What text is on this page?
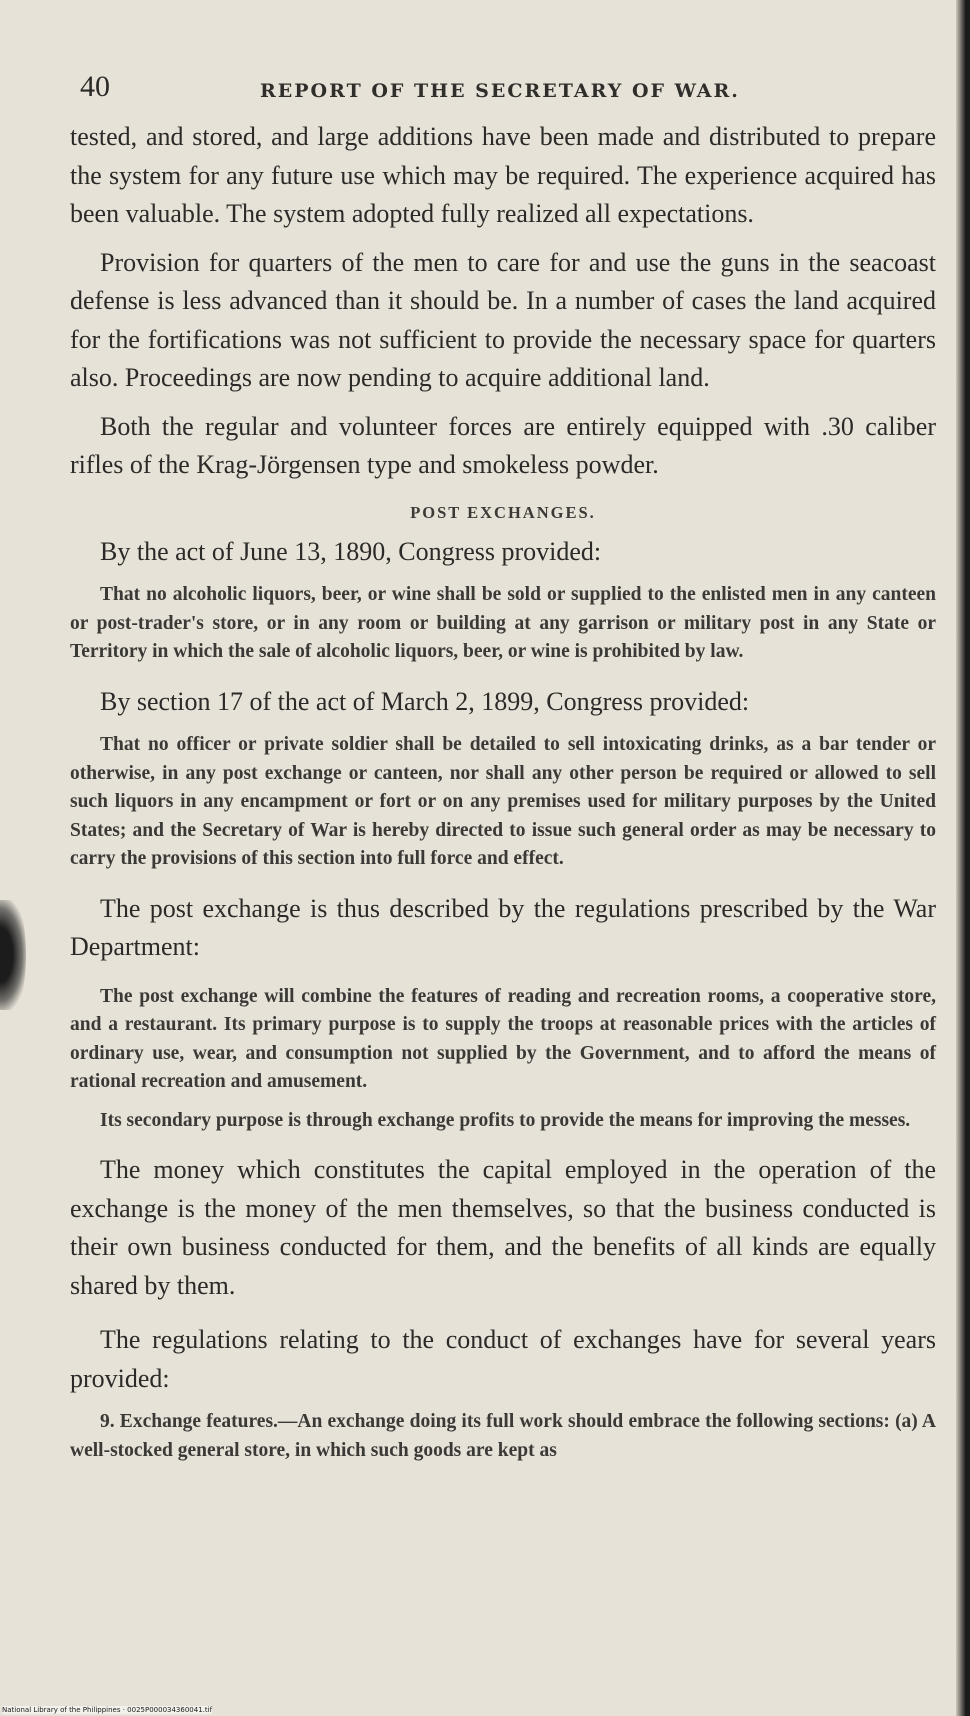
40	REPORT OF THE SECRETARY OF WAR.

tested, and stored, and large additions have been made and distributed to prepare the system for any future use which may be required. The experience acquired has been valuable. The system adopted fully realized all expectations.

Provision for quarters of the men to care for and use the guns in the seacoast defense is less advanced than it should be. In a number of cases the land acquired for the fortifications was not sufficient to provide the necessary space for quarters also. Proceedings are now pending to acquire additional land.

Both the regular and volunteer forces are entirely equipped with .30 caliber rifles of the Krag-Jörgensen type and smokeless powder.

POST EXCHANGES.

By the act of June 13, 1890, Congress provided:

That no alcoholic liquors, beer, or wine shall be sold or supplied to the enlisted men in any canteen or post-trader's store, or in any room or building at any garrison or military post in any State or Territory in which the sale of alcoholic liquors, beer, or wine is prohibited by law.

By section 17 of the act of March 2, 1899, Congress provided:

That no officer or private soldier shall be detailed to sell intoxicating drinks, as a bar tender or otherwise, in any post exchange or canteen, nor shall any other person be required or allowed to sell such liquors in any encampment or fort or on any premises used for military purposes by the United States; and the Secretary of War is hereby directed to issue such general order as may be necessary to carry the provisions of this section into full force and effect.

The post exchange is thus described by the regulations prescribed by the War Department:

The post exchange will combine the features of reading and recreation rooms, a cooperative store, and a restaurant. Its primary purpose is to supply the troops at reasonable prices with the articles of ordinary use, wear, and consumption not supplied by the Government, and to afford the means of rational recreation and amusement.

Its secondary purpose is through exchange profits to provide the means for improving the messes.

The money which constitutes the capital employed in the operation of the exchange is the money of the men themselves, so that the business conducted is their own business conducted for them, and the benefits of all kinds are equally shared by them.

The regulations relating to the conduct of exchanges have for several years provided:

9. Exchange features.—An exchange doing its full work should embrace the following sections: (a) A well-stocked general store, in which such goods are kept as

National Library of the Philippines · 0025P000034360041.tif
